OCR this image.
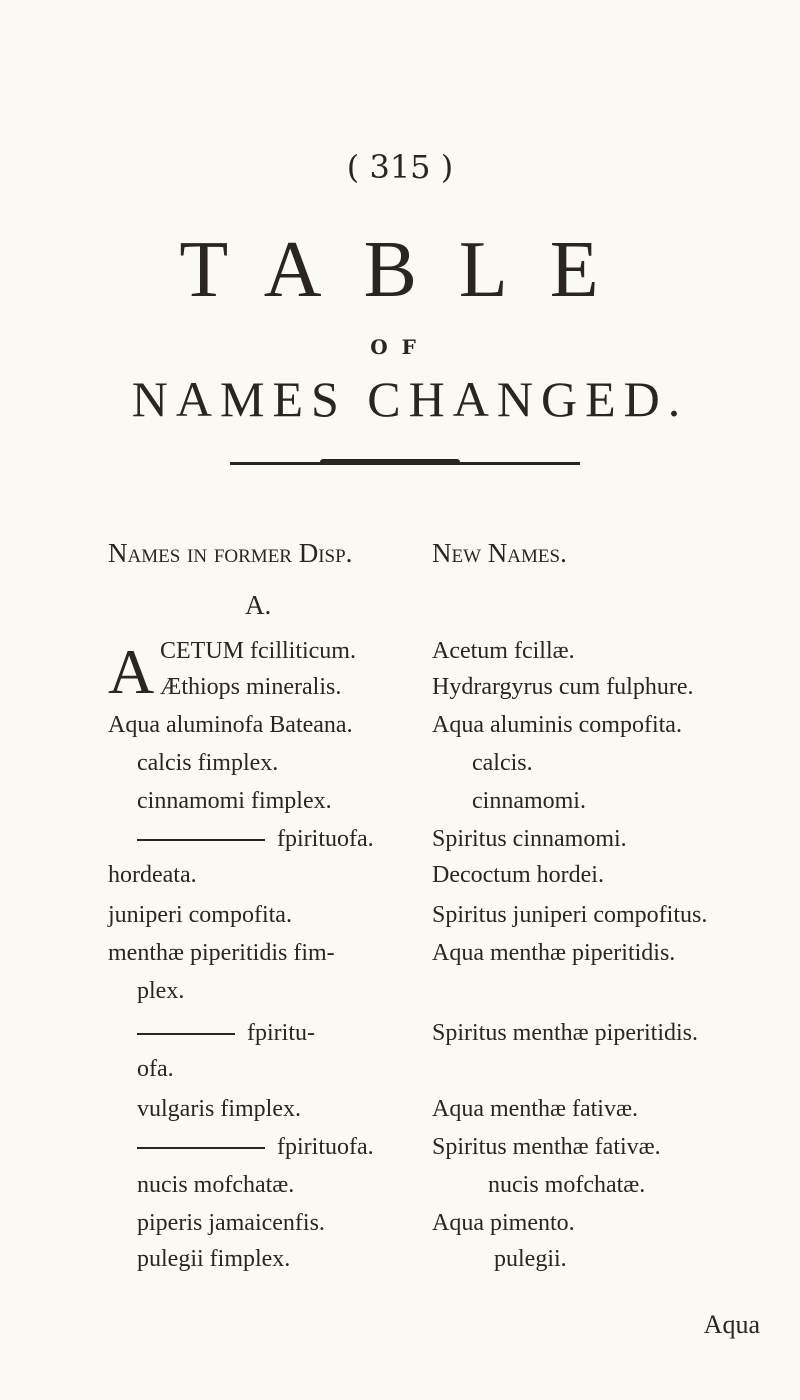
( 315 )
TABLE
OF
NAMES CHANGED.
Names in former Disp.	New Names.
A.
A CETUM fcilliticum.
Æthiops mineralis.
Aqua aluminofa Bateana.
calcis fimplex.
cinnamomi fimplex.
fpirituofa.
hordeata.
juniperi compofita.
menthæ piperitidis fim-
plex.
fpiritu-
ofa.
vulgaris fimplex.
fpirituofa.
nucis mofchatæ.
piperis jamaicenfis.
pulegii fimplex.
Acetum fcillæ.
Hydrargyrus cum fulphure.
Aqua aluminis compofita.
calcis.
cinnamomi.
Spiritus cinnamomi.
Decoctum hordei.
Spiritus juniperi compofitus.
Aqua menthæ piperitidis.
Spiritus menthæ piperitidis.
Aqua menthæ fativæ.
Spiritus menthæ fativæ.
nucis mofchatæ.
Aqua pimento.
pulegii.
Aqua
